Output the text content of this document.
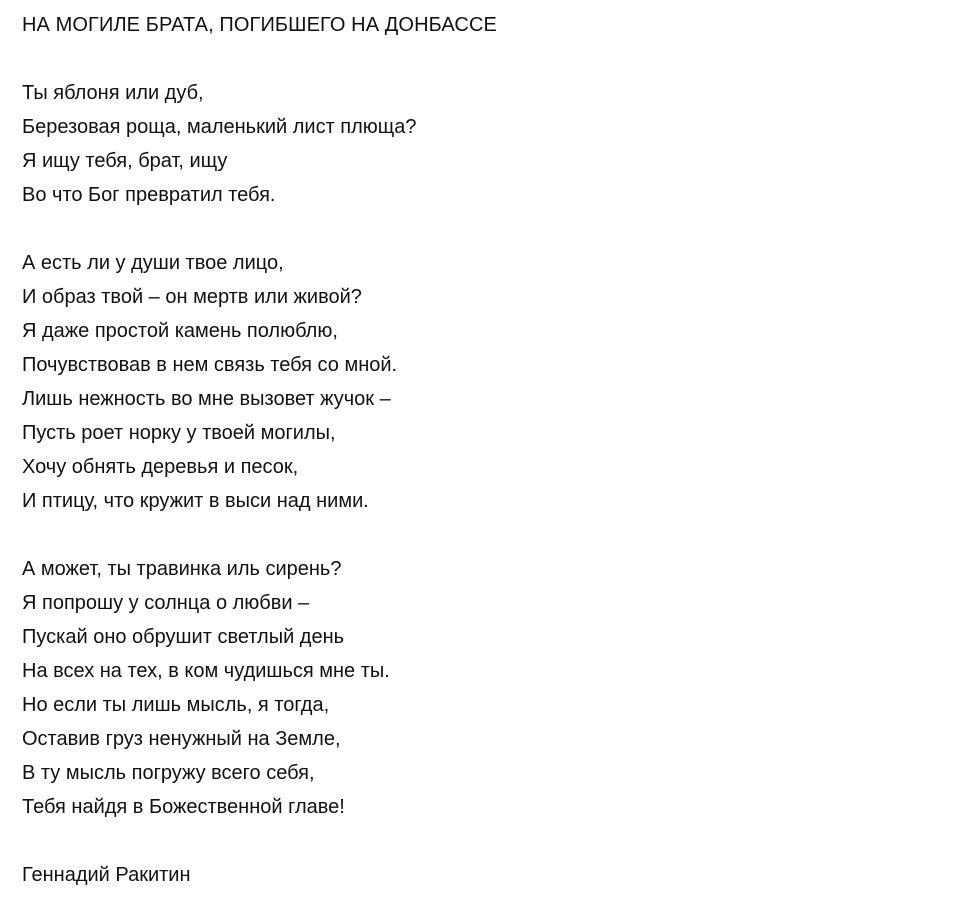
НА МОГИЛЕ БРАТА, ПОГИБШЕГО НА ДОНБАССЕ
Ты яблоня или дуб,
Березовая роща, маленький лист плюща?
Я ищу тебя, брат, ищу
Во что Бог превратил тебя.
А есть ли у души твое лицо,
И образ твой – он мертв или живой?
Я даже простой камень полюблю,
Почувствовав в нем связь тебя со мной.
Лишь нежность во мне вызовет жучок –
Пусть роет норку у твоей могилы,
Хочу обнять деревья и песок,
И птицу, что кружит в выси над ними.
А может, ты травинка иль сирень?
Я попрошу у солнца о любви –
Пускай оно обрушит светлый день
На всех на тех, в ком чудишься мне ты.
Но если ты лишь мысль, я тогда,
Оставив груз ненужный на Земле,
В ту мысль погружу всего себя,
Тебя найдя в Божественной главе!
Геннадий Ракитин
